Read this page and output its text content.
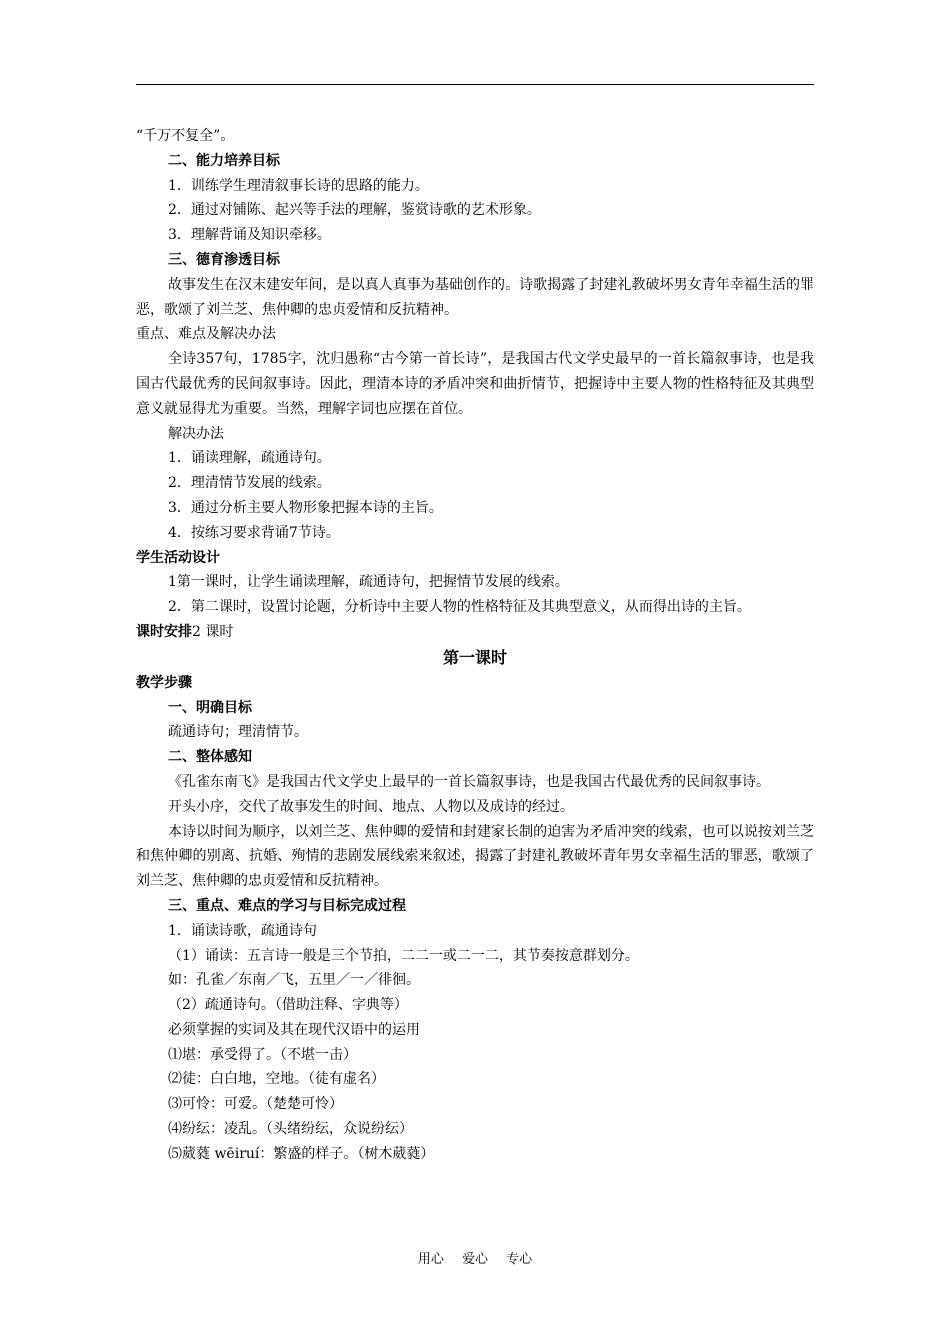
“千万不复全”。

二、能力培养目标

1．训练学生理清叙事长诗的思路的能力。

2．通过对铺陈、起兴等手法的理解，鉴赏诗歌的艺术形象。

3．理解背诵及知识牵移。

三、德育渗透目标

故事发生在汉末建安年间，是以真人真事为基础创作的。诗歌揭露了封建礼教破坏男女青年幸福生活的罪恶，歌颂了刘兰芝、焦仲卿的忠贞爱情和反抗精神。

重点、难点及解决办法

全诗357句，1785字，沈归愚称“古今第一首长诗”，是我国古代文学史最早的一首长篇叙事诗，也是我国古代最优秀的民间叙事诗。因此，理清本诗的矛盾冲突和曲折情节，把握诗中主要人物的性格特征及其典型意义就显得尤为重要。当然，理解字词也应摆在首位。

解决办法

1．诵读理解，疏通诗句。

2．理清情节发展的线索。

3．通过分析主要人物形象把握本诗的主旨。

4．按练习要求背诵7节诗。

学生活动设计

1第一课时，让学生诵读理解，疏通诗句，把握情节发展的线索。

2．第二课时，设置讨论题，分析诗中主要人物的性格特征及其典型意义，从而得出诗的主旨。

课时安排2 课时

第一课时

教学步骤

一、明确目标

疏通诗句；理清情节。

二、整体感知

《孔雀东南飞》是我国古代文学史上最早的一首长篇叙事诗，也是我国古代最优秀的民间叙事诗。

开头小序，交代了故事发生的时间、地点、人物以及成诗的经过。

本诗以时间为顺序，以刘兰芝、焦仲卿的爱情和封建家长制的迫害为矛盾冲突的线索，也可以说按刘兰芝和焦仲卿的别离、抗婚、殉情的悲剧发展线索来叙述，揭露了封建礼教破坏青年男女幸福生活的罪恶，歌颂了刘兰芝、焦仲卿的忠贞爱情和反抗精神。

三、重点、难点的学习与目标完成过程

1．诵读诗歌，疏通诗句

（1）诵读：五言诗一般是三个节拍，二二一或二一二，其节奏按意群划分。

如：孔雀／东南／飞，五里／一／徘徊。

（2）疏通诗句。（借助注释、字典等）

必须掌握的实词及其在现代汉语中的运用

⑴堪：承受得了。（不堪一击）

⑵徒：白白地，空地。（徒有虚名）

⑶可怜：可爱。（楚楚可怜）

⑷纷纭：凌乱。（头绪纷纭，众说纷纭）

⑸葳蕤 wēiruí：繁盛的样子。（树木葳蕤）

用心 爱心 专心
